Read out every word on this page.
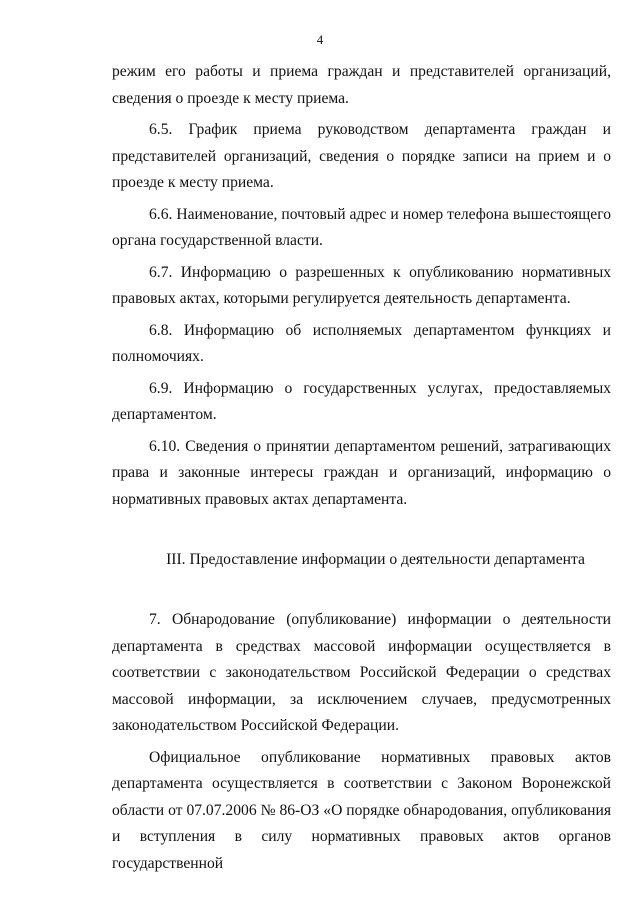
4

режим его работы и приема граждан и представителей организаций, сведения о проезде к месту приема.

6.5. График приема руководством департамента граждан и представителей организаций, сведения о порядке записи на прием и о проезде к месту приема.

6.6. Наименование, почтовый адрес и номер телефона вышестоящего органа государственной власти.

6.7. Информацию о разрешенных к опубликованию нормативных правовых актах, которыми регулируется деятельность департамента.

6.8. Информацию об исполняемых департаментом функциях и полномочиях.

6.9. Информацию о государственных услугах, предоставляемых департаментом.

6.10. Сведения о принятии департаментом решений, затрагивающих права и законные интересы граждан и организаций, информацию о нормативных правовых актах департамента.

III. Предоставление информации о деятельности департамента

7. Обнародование (опубликование) информации о деятельности департамента в средствах массовой информации осуществляется в соответствии с законодательством Российской Федерации о средствах массовой информации, за исключением случаев, предусмотренных законодательством Российской Федерации.

Официальное опубликование нормативных правовых актов департамента осуществляется в соответствии с Законом Воронежской области от 07.07.2006 № 86-ОЗ «О порядке обнародования, опубликования и вступления в силу нормативных правовых актов органов государственной
